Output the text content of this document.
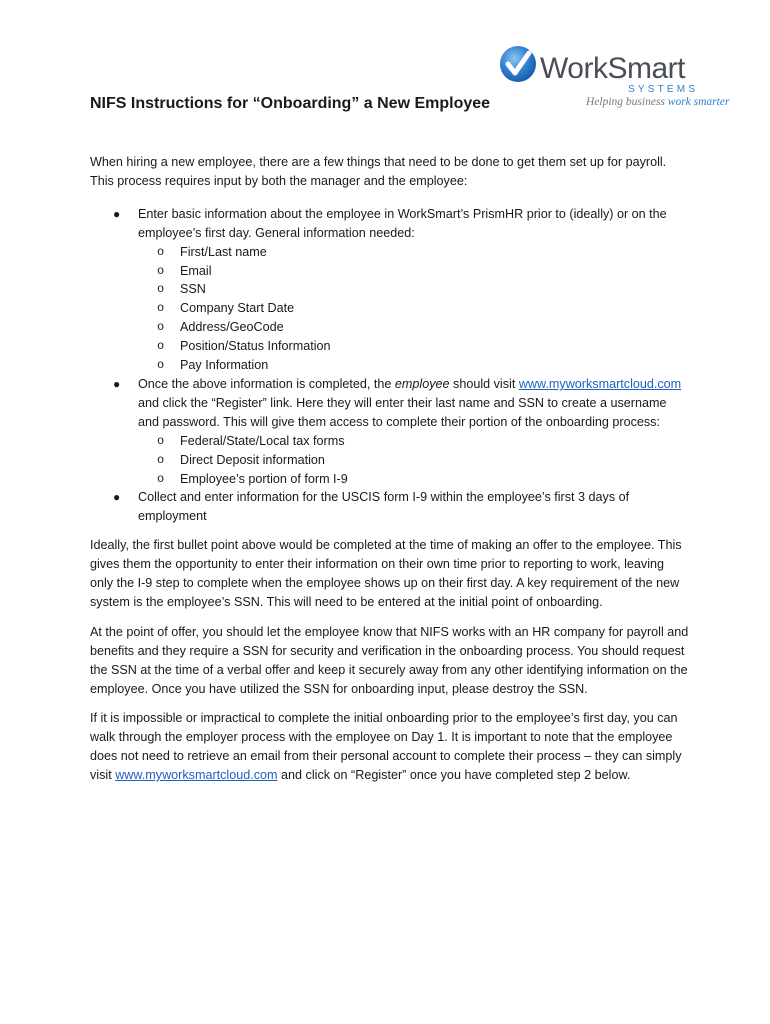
WorkSmart
SYSTEMS
Helping business work smarter
NIFS Instructions for “Onboarding” a New Employee

When hiring a new employee, there are a few things that need to be done to get them set up for payroll. This process requires input by both the manager and the employee:

● Enter basic information about the employee in WorkSmart’s PrismHR prior to (ideally) or on the employee’s first day. General information needed:
o First/Last name
o Email
o SSN
o Company Start Date
o Address/GeoCode
o Position/Status Information
o Pay Information
● Once the above information is completed, the employee should visit www.myworksmartcloud.com and click the “Register” link. Here they will enter their last name and SSN to create a username and password. This will give them access to complete their portion of the onboarding process:
o Federal/State/Local tax forms
o Direct Deposit information
o Employee’s portion of form I-9
● Collect and enter information for the USCIS form I-9 within the employee’s first 3 days of employment

Ideally, the first bullet point above would be completed at the time of making an offer to the employee. This gives them the opportunity to enter their information on their own time prior to reporting to work, leaving only the I-9 step to complete when the employee shows up on their first day. A key requirement of the new system is the employee’s SSN. This will need to be entered at the initial point of onboarding.

At the point of offer, you should let the employee know that NIFS works with an HR company for payroll and benefits and they require a SSN for security and verification in the onboarding process. You should request the SSN at the time of a verbal offer and keep it securely away from any other identifying information on the employee. Once you have utilized the SSN for onboarding input, please destroy the SSN.

If it is impossible or impractical to complete the initial onboarding prior to the employee’s first day, you can walk through the employer process with the employee on Day 1. It is important to note that the employee does not need to retrieve an email from their personal account to complete their process – they can simply visit www.myworksmartcloud.com and click on “Register” once you have completed step 2 below.
